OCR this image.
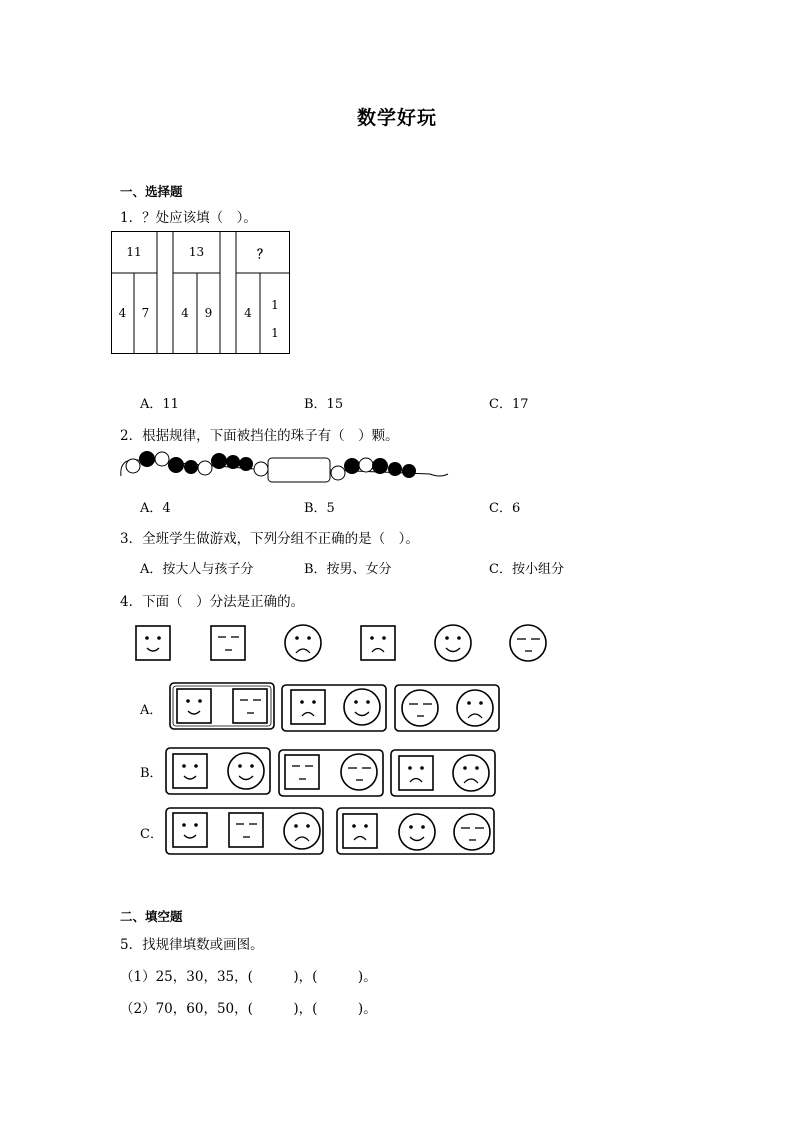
数学好玩
一、选择题
1．？处应该填（　）。
11
4	7
13
4	9
？
4
1
1
A．11	B．15	C．17
2．根据规律，下面被挡住的珠子有（　）颗。
A．4	B．5	C．6
3．全班学生做游戏，下列分组不正确的是（　）。
A．按大人与孩子分	B．按男、女分	C．按小组分
4．下面（　）分法是正确的。
A．
B．
C．
二、填空题
5．找规律填数或画图。
（1）25，30，35，(　　　)，(　　　)。
（2）70，60，50，(　　　)，(　　　)。
